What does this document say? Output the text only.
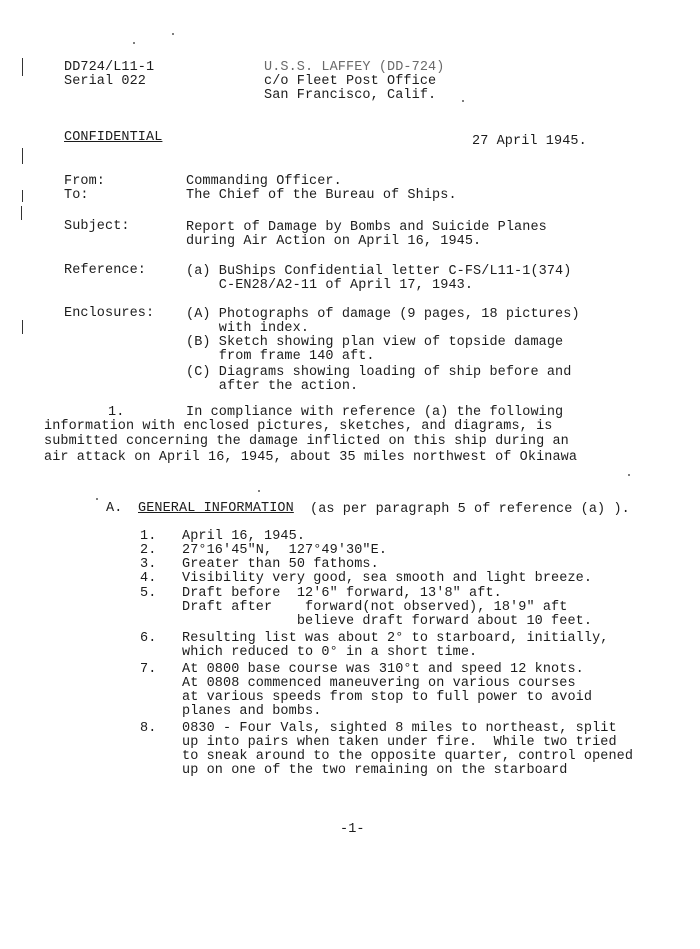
DD724/L11-1
Serial 022
U.S.S. LAFFEY (DD-724)
c/o Fleet Post Office
San Francisco, Calif.
CONFIDENTIAL	27 April 1945.
From:	Commanding Officer.
To:	The Chief of the Bureau of Ships.
Subject:	Report of Damage by Bombs and Suicide Planes
during Air Action on April 16, 1945.
Reference:	(a) BuShips Confidential letter C-FS/L11-1(374)
C-EN28/A2-11 of April 17, 1943.
Enclosures: (A) Photographs of damage (9 pages, 18 pictures)
with index.
(B) Sketch showing plan view of topside damage
from frame 140 aft.
(C) Diagrams showing loading of ship before and
after the action.
1.	In compliance with reference (a) the following
information with enclosed pictures, sketches, and diagrams, is
submitted concerning the damage inflicted on this ship during an
air attack on April 16, 1945, about 35 miles northwest of Okinawa
A. GENERAL INFORMATION (as per paragraph 5 of reference (a) ).
1. April 16, 1945.
2. 27°16'45"N,  127°49'30"E.
3. Greater than 50 fathoms.
4. Visibility very good, sea smooth and light breeze.
5. Draft before  12'6" forward, 13'8" aft.
Draft after    forward(not observed), 18'9" aft
believe draft forward about 10 feet.
6. Resulting list was about 2° to starboard, initially,
which reduced to 0° in a short time.
7. At 0800 base course was 310°t and speed 12 knots.
At 0808 commenced maneuvering on various courses
at various speeds from stop to full power to avoid
planes and bombs.
8. 0830 - Four Vals, sighted 8 miles to northeast, split
up into pairs when taken under fire.  While two tried
to sneak around to the opposite quarter, control opened
up on one of the two remaining on the starboard
-1-
